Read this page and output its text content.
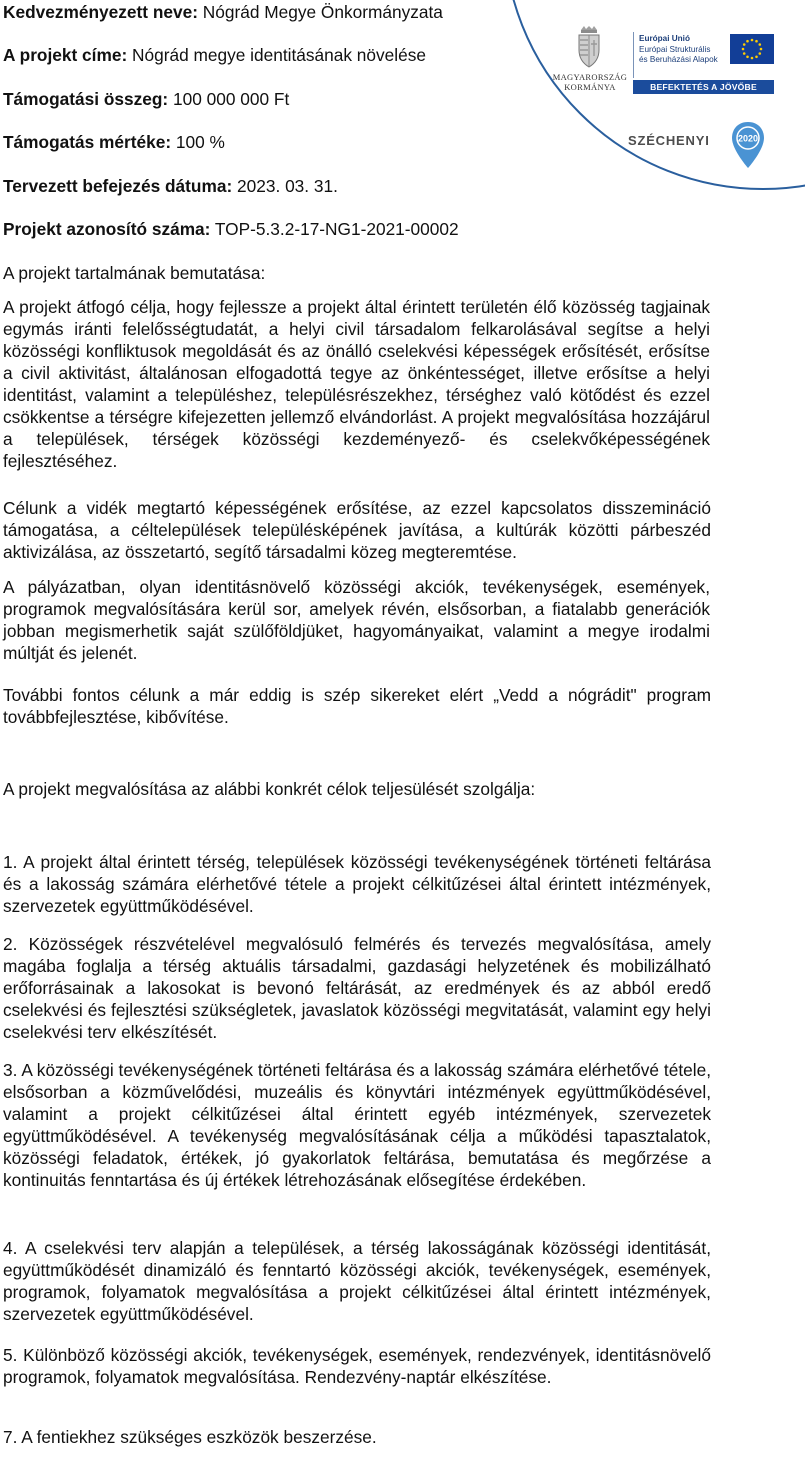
MAGYARORSZÁG
KORMÁNYA

Európai Unió
Európai Strukturális
és Beruházási Alapok

BEFEKTETÉS A JÖVŐBE

SZÉCHENYI	2020

Kedvezményezett neve: Nógrád Megye Önkormányzata

A projekt címe: Nógrád megye identitásának növelése

Támogatási összeg: 100 000 000 Ft

Támogatás mértéke: 100 %

Tervezett befejezés dátuma: 2023. 03. 31.

Projekt azonosító száma: TOP-5.3.2-17-NG1-2021-00002

A projekt tartalmának bemutatása:

A projekt átfogó célja, hogy fejlessze a projekt által érintett területén élő közösség tagjainak egymás iránti felelősségtudatát, a helyi civil társadalom felkarolásával segítse a helyi közösségi konfliktusok megoldását és az önálló cselekvési képességek erősítését, erősítse a civil aktivitást, általánosan elfogadottá tegye az önkéntességet, illetve erősítse a helyi identitást, valamint a településhez, településrészekhez, térséghez való kötődést és ezzel csökkentse a térségre kifejezetten jellemző elvándorlást. A projekt megvalósítása hozzájárul a települések, térségek közösségi kezdeményező- és cselekvőképességének fejlesztéséhez.

Célunk a vidék megtartó képességének erősítése, az ezzel kapcsolatos disszemináció támogatása, a céltelepülések településképének javítása, a kultúrák közötti párbeszéd aktivizálása, az összetartó, segítő társadalmi közeg megteremtése.

A pályázatban, olyan identitásnövelő közösségi akciók, tevékenységek, események, programok megvalósítására kerül sor, amelyek révén, elsősorban, a fiatalabb generációk jobban megismerhetik saját szülőföldjüket, hagyományaikat, valamint a megye irodalmi múltját és jelenét.

További fontos célunk a már eddig is szép sikereket elért „Vedd a nógrádit" program továbbfejlesztése, kibővítése.

A projekt megvalósítása az alábbi konkrét célok teljesülését szolgálja:

1. A projekt által érintett térség, települések közösségi tevékenységének történeti feltárása és a lakosság számára elérhetővé tétele a projekt célkitűzései által érintett intézmények, szervezetek együttműködésével.

2. Közösségek részvételével megvalósuló felmérés és tervezés megvalósítása, amely magába foglalja a térség aktuális társadalmi, gazdasági helyzetének és mobilizálható erőforrásainak a lakosokat is bevonó feltárását, az eredmények és az abból eredő cselekvési és fejlesztési szükségletek, javaslatok közösségi megvitatását, valamint egy helyi cselekvési terv elkészítését.

3. A közösségi tevékenységének történeti feltárása és a lakosság számára elérhetővé tétele, elsősorban a közművelődési, muzeális és könyvtári intézmények együttműködésével, valamint a projekt célkitűzései által érintett egyéb intézmények, szervezetek együttműködésével. A tevékenység megvalósításának célja a működési tapasztalatok, közösségi feladatok, értékek, jó gyakorlatok feltárása, bemutatása és megőrzése a kontinuitás fenntartása és új értékek létrehozásának elősegítése érdekében.

4. A cselekvési terv alapján a települések, a térség lakosságának közösségi identitását, együttműködését dinamizáló és fenntartó közösségi akciók, tevékenységek, események, programok, folyamatok megvalósítása a projekt célkitűzései által érintett intézmények, szervezetek együttműködésével.

5. Különböző közösségi akciók, tevékenységek, események, rendezvények, identitásnövelő programok, folyamatok megvalósítása. Rendezvény-naptár elkészítése.

7. A fentiekhez szükséges eszközök beszerzése.
